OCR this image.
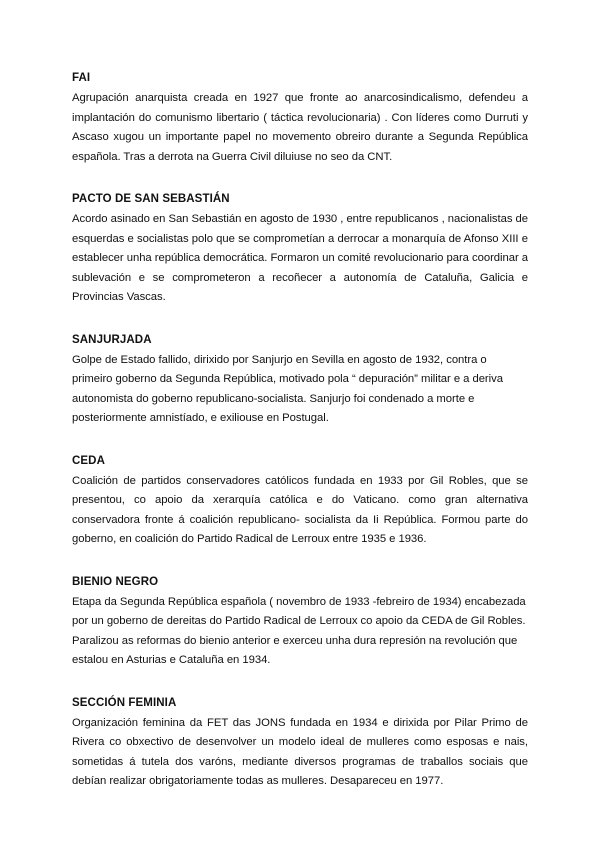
FAI

Agrupación anarquista creada en 1927 que fronte ao anarcosindicalismo, defendeu a implantación do comunismo libertario ( táctica revolucionaria) . Con líderes como Durruti y Ascaso xugou un importante papel no movemento obreiro durante a Segunda República española. Tras a derrota na Guerra Civil diluiuse no seo da CNT.

PACTO DE SAN SEBASTIÁN

Acordo asinado en San Sebastián en agosto de 1930 , entre republicanos , nacionalistas de esquerdas e socialistas polo que se comprometían a derrocar a monarquía de Afonso XIII e establecer unha república democrática. Formaron un comité revolucionario para coordinar a sublevación e se comprometeron a recoñecer a autonomía de Cataluña, Galicia e Provincias Vascas.

SANJURJADA

Golpe de Estado fallido, dirixido por Sanjurjo en Sevilla en agosto de 1932, contra o primeiro goberno da Segunda República, motivado pola “ depuración” militar e a deriva autonomista do goberno republicano-socialista. Sanjurjo foi condenado a morte e posteriormente amnistíado, e exiliouse en Postugal.

CEDA

Coalición de partidos conservadores católicos fundada en 1933 por Gil Robles, que se presentou, co apoio da xerarquía católica e do Vaticano. como gran alternativa conservadora fronte á coalición republicano- socialista da Ii República. Formou parte do goberno, en coalición do Partido Radical de Lerroux entre 1935 e 1936.

BIENIO NEGRO

Etapa da Segunda República española ( novembro de 1933 -febreiro de 1934) encabezada por un goberno de dereitas do Partido Radical de Lerroux co apoio da CEDA de Gil Robles. Paralizou as reformas do bienio anterior e exerceu unha dura represión na revolución que estalou en Asturias e Cataluña en 1934.

SECCIÓN FEMINIA

Organización feminina da FET das JONS fundada en 1934 e dirixida por Pilar Primo de Rivera co obxectivo de desenvolver un modelo ideal de mulleres como esposas e nais, sometidas á tutela dos varóns, mediante diversos programas de traballos sociais que debían realizar obrigatoriamente todas as mulleres. Desapareceu en 1977.
